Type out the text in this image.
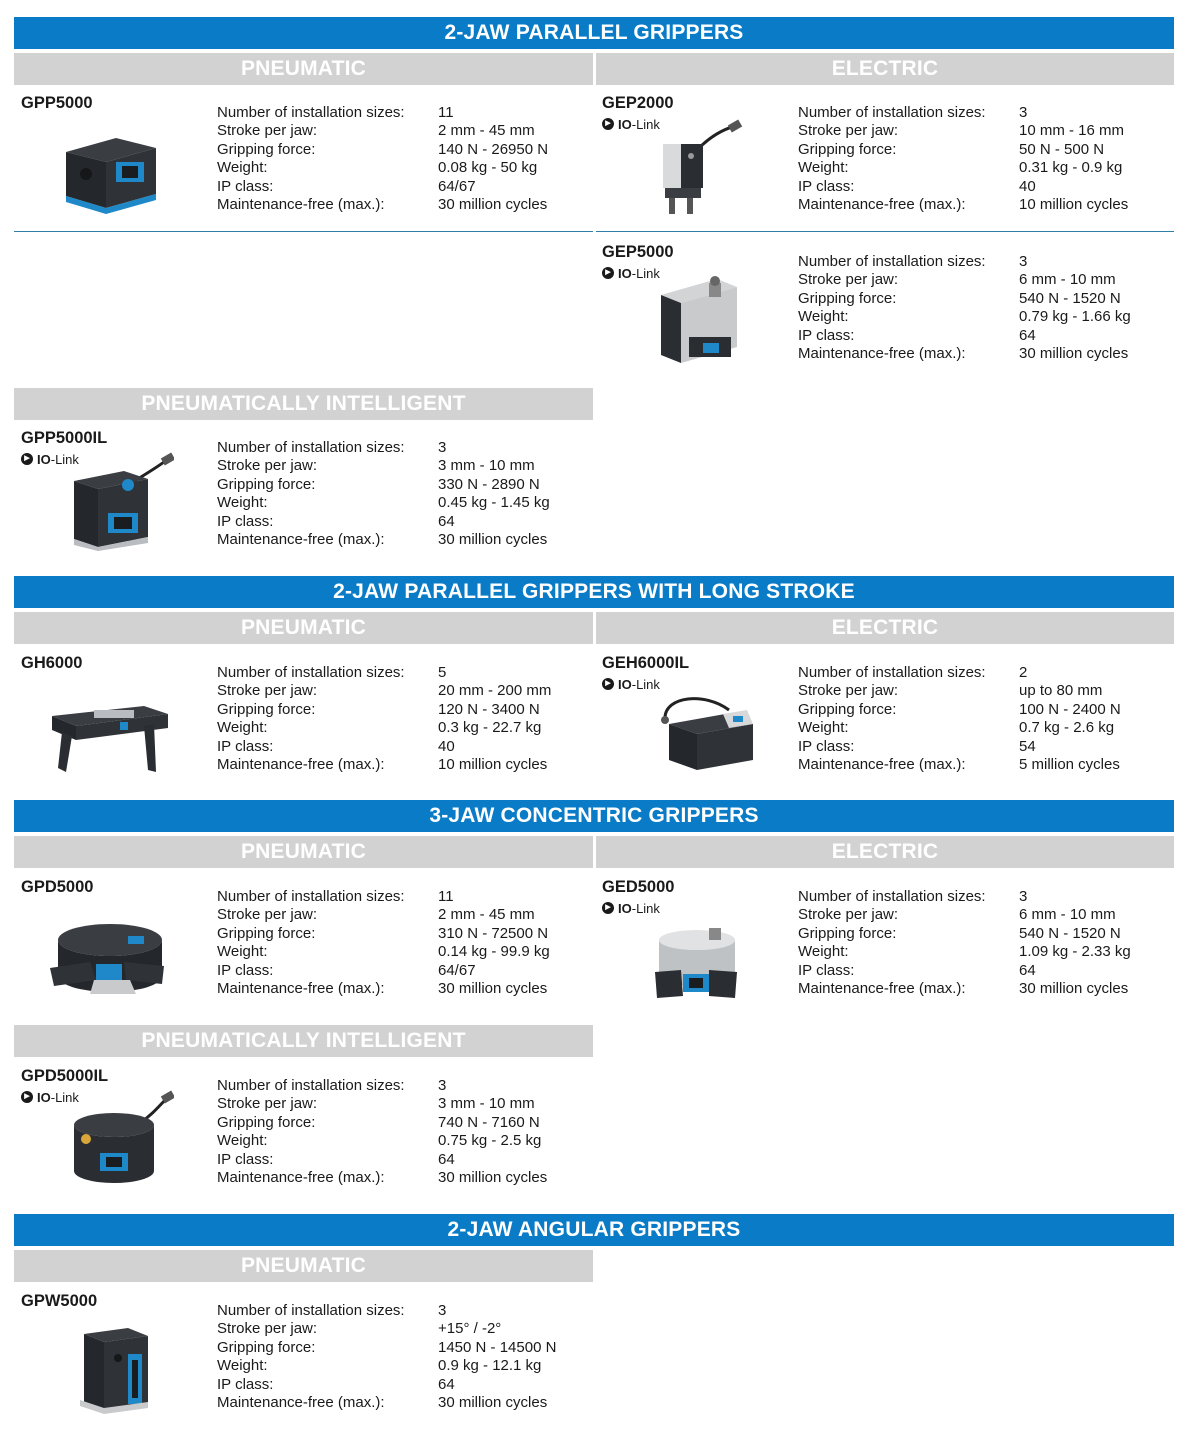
2-JAW PARALLEL GRIPPERS
PNEUMATIC	ELECTRIC
GPP5000
Number of installation sizes:	11
Stroke per jaw:	2 mm - 45 mm
Gripping force:	140 N - 26950 N
Weight:	0.08 kg - 50 kg
IP class:	64/67
Maintenance-free (max.):	30 million cycles
GEP2000
▶ IO -Link
Number of installation sizes:	3
Stroke per jaw:	10 mm - 16 mm
Gripping force:	50 N - 500 N
Weight:	0.31 kg - 0.9 kg
IP class:	40
Maintenance-free (max.):	10 million cycles
GEP5000
▶ IO -Link
Number of installation sizes:	3
Stroke per jaw:	6 mm - 10 mm
Gripping force:	540 N - 1520 N
Weight:	0.79 kg - 1.66 kg
IP class:	64
Maintenance-free (max.):	30 million cycles
PNEUMATICALLY INTELLIGENT
GPP5000IL
▶ IO -Link
Number of installation sizes:	3
Stroke per jaw:	3 mm - 10 mm
Gripping force:	330 N - 2890 N
Weight:	0.45 kg - 1.45 kg
IP class:	64
Maintenance-free (max.):	30 million cycles
2-JAW PARALLEL GRIPPERS WITH LONG STROKE
PNEUMATIC	ELECTRIC
GH6000
Number of installation sizes:	5
Stroke per jaw:	20 mm - 200 mm
Gripping force:	120 N - 3400 N
Weight:	0.3 kg - 22.7 kg
IP class:	40
Maintenance-free (max.):	10 million cycles
GEH6000IL
▶ IO -Link
Number of installation sizes:	2
Stroke per jaw:	up to 80 mm
Gripping force:	100 N - 2400 N
Weight:	0.7 kg - 2.6 kg
IP class:	54
Maintenance-free (max.):	5 million cycles
3-JAW CONCENTRIC GRIPPERS
PNEUMATIC	ELECTRIC
GPD5000
Number of installation sizes:	11
Stroke per jaw:	2 mm - 45 mm
Gripping force:	310 N - 72500 N
Weight:	0.14 kg - 99.9 kg
IP class:	64/67
Maintenance-free (max.):	30 million cycles
GED5000
▶ IO -Link
Number of installation sizes:	3
Stroke per jaw:	6 mm - 10 mm
Gripping force:	540 N - 1520 N
Weight:	1.09 kg - 2.33 kg
IP class:	64
Maintenance-free (max.):	30 million cycles
PNEUMATICALLY INTELLIGENT
GPD5000IL
▶ IO -Link
Number of installation sizes:	3
Stroke per jaw:	3 mm - 10 mm
Gripping force:	740 N - 7160 N
Weight:	0.75 kg - 2.5 kg
IP class:	64
Maintenance-free (max.):	30 million cycles
2-JAW ANGULAR GRIPPERS
PNEUMATIC
GPW5000
Number of installation sizes:	3
Stroke per jaw:	+15° / -2°
Gripping force:	1450 N - 14500 N
Weight:	0.9 kg - 12.1 kg
IP class:	64
Maintenance-free (max.):	30 million cycles
